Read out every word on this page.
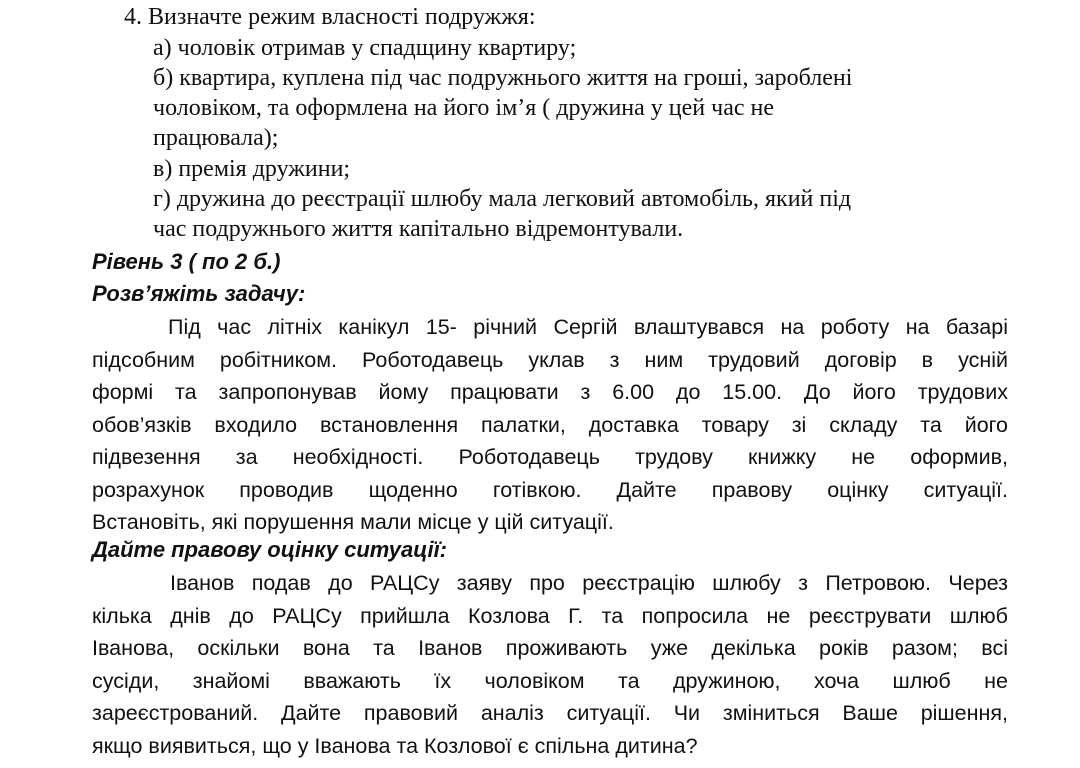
4. Визначте режим власності подружжя:
а) чоловік отримав у спадщину квартиру;
б) квартира, куплена під час подружнього життя на гроші, зароблені
чоловіком, та оформлена на його ім’я ( дружина у цей час не
працювала);
в) премія дружини;
г) дружина до реєстрації шлюбу мала легковий автомобіль, який під
час подружнього життя капітально відремонтували.
Рівень 3 ( по 2 б.)
Розв’яжіть задачу:
Під час літніх канікул 15- річний Сергій влаштувався на роботу на базарі
підсобним робітником. Роботодавець уклав з ним трудовий договір в усній
формі та запропонував йому працювати з 6.00 до 15.00. До його трудових
обов’язків входило встановлення палатки, доставка товару зі складу та його
підвезення за необхідності. Роботодавець трудову книжку не оформив,
розрахунок проводив щоденно готівкою. Дайте правову оцінку ситуації.
Встановіть, які порушення мали місце у цій ситуації.
Дайте правову оцінку ситуації:
Іванов подав до РАЦСу заяву про реєстрацію шлюбу з Петровою. Через
кілька днів до РАЦСу прийшла Козлова Г. та попросила не реєструвати шлюб
Іванова, оскільки вона та Іванов проживають уже декілька років разом; всі
сусіди, знайомі вважають їх чоловіком та дружиною, хоча шлюб не
зареєстрований. Дайте правовий аналіз ситуації. Чи зміниться Ваше рішення,
якщо виявиться, що у Іванова та Козлової є спільна дитина?
